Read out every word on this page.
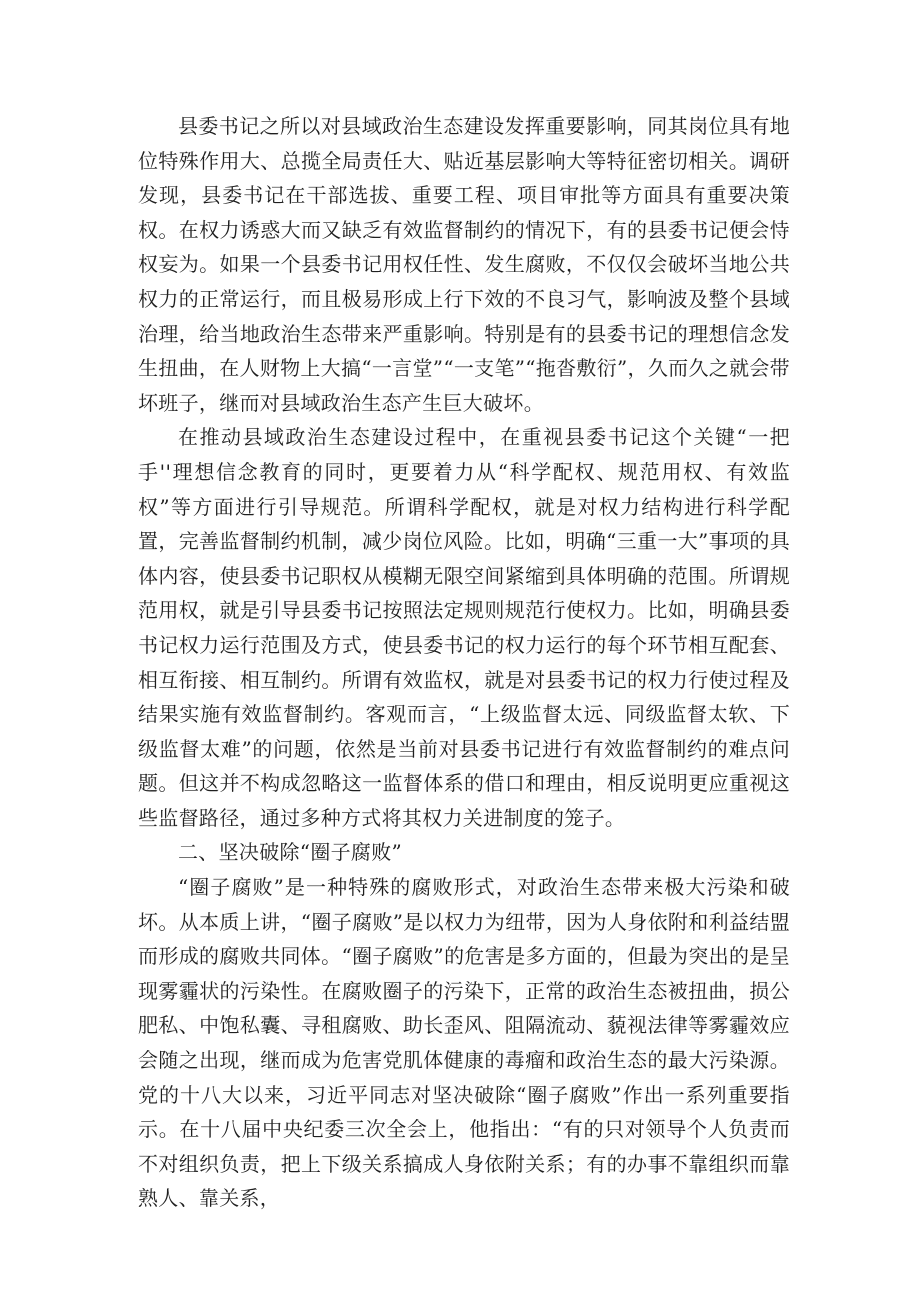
县委书记之所以对县域政治生态建设发挥重要影响，同其岗位具有地位特殊作用大、总揽全局责任大、贴近基层影响大等特征密切相关。调研发现，县委书记在干部选拔、重要工程、项目审批等方面具有重要决策权。在权力诱惑大而又缺乏有效监督制约的情况下，有的县委书记便会恃权妄为。如果一个县委书记用权任性、发生腐败，不仅仅会破坏当地公共权力的正常运行，而且极易形成上行下效的不良习气，影响波及整个县域治理，给当地政治生态带来严重影响。特别是有的县委书记的理想信念发生扭曲，在人财物上大搞“一言堂”“一支笔”“拖沓敷衍”，久而久之就会带坏班子，继而对县域政治生态产生巨大破坏。

在推动县域政治生态建设过程中，在重视县委书记这个关键“一把手''理想信念教育的同时，更要着力从“科学配权、规范用权、有效监权”等方面进行引导规范。所谓科学配权，就是对权力结构进行科学配置，完善监督制约机制，减少岗位风险。比如，明确“三重一大”事项的具体内容，使县委书记职权从模糊无限空间紧缩到具体明确的范围。所谓规范用权，就是引导县委书记按照法定规则规范行使权力。比如，明确县委书记权力运行范围及方式，使县委书记的权力运行的每个环节相互配套、相互衔接、相互制约。所谓有效监权，就是对县委书记的权力行使过程及结果实施有效监督制约。客观而言，“上级监督太远、同级监督太软、下级监督太难”的问题，依然是当前对县委书记进行有效监督制约的难点问题。但这并不构成忽略这一监督体系的借口和理由，相反说明更应重视这些监督路径，通过多种方式将其权力关进制度的笼子。

二、坚决破除“圈子腐败”

“圈子腐败”是一种特殊的腐败形式，对政治生态带来极大污染和破坏。从本质上讲，“圈子腐败”是以权力为纽带，因为人身依附和利益结盟而形成的腐败共同体。“圈子腐败”的危害是多方面的，但最为突出的是呈现雾霾状的污染性。在腐败圈子的污染下，正常的政治生态被扭曲，损公肥私、中饱私囊、寻租腐败、助长歪风、阻隔流动、藐视法律等雾霾效应会随之出现，继而成为危害党肌体健康的毒瘤和政治生态的最大污染源。党的十八大以来，习近平同志对坚决破除“圈子腐败”作出一系列重要指示。在十八届中央纪委三次全会上，他指出：“有的只对领导个人负责而不对组织负责，把上下级关系搞成人身依附关系；有的办事不靠组织而靠熟人、靠关系，
